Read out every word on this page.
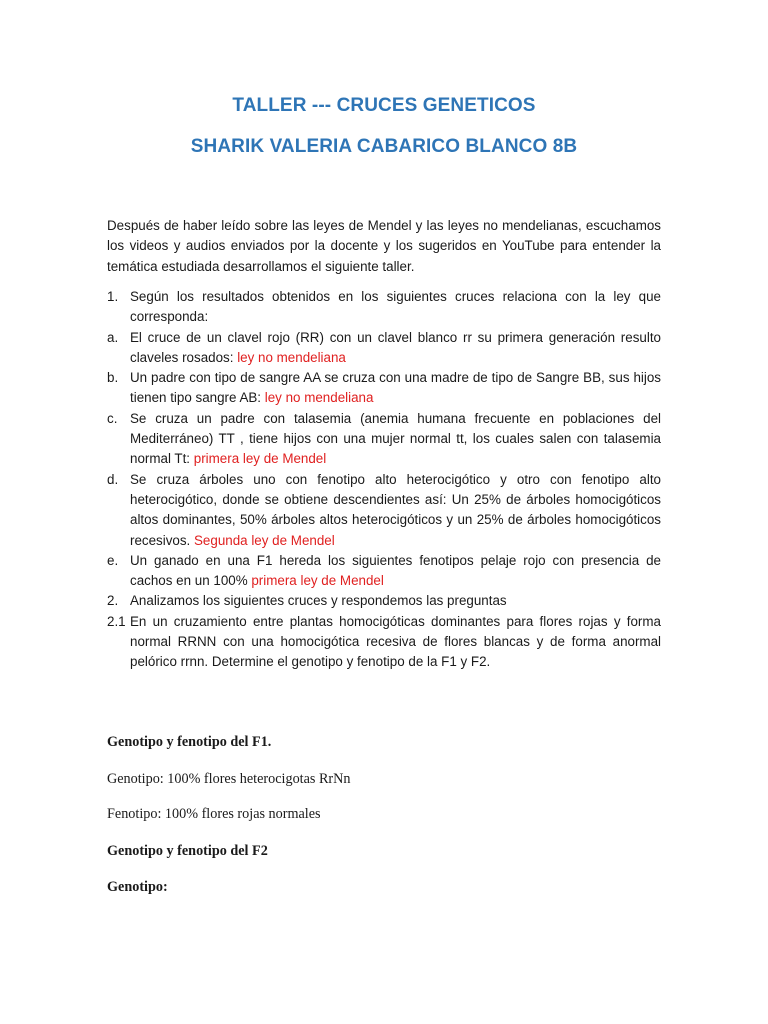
TALLER --- CRUCES GENETICOS
SHARIK VALERIA CABARICO BLANCO 8B
Después de haber leído sobre las leyes de Mendel y las leyes no mendelianas, escuchamos los videos y audios enviados por la docente y los sugeridos en YouTube para entender la temática estudiada desarrollamos el siguiente taller.
1. Según los resultados obtenidos en los siguientes cruces relaciona con la ley que corresponda:
a. El cruce de un clavel rojo (RR) con un clavel blanco rr su primera generación resulto claveles rosados: ley no mendeliana
b. Un padre con tipo de sangre AA se cruza con una madre de tipo de Sangre BB, sus hijos tienen tipo sangre AB: ley no mendeliana
c. Se cruza un padre con talasemia (anemia humana frecuente en poblaciones del Mediterráneo) TT , tiene hijos con una mujer normal tt, los cuales salen con talasemia normal Tt: primera ley de Mendel
d. Se cruza árboles uno con fenotipo alto heterocigótico y otro con fenotipo alto heterocigótico, donde se obtiene descendientes así: Un 25% de árboles homocigóticos altos dominantes, 50% árboles altos heterocigóticos y un 25% de árboles homocigóticos recesivos. Segunda ley de Mendel
e. Un ganado en una F1 hereda los siguientes fenotipos pelaje rojo con presencia de cachos en un 100% primera ley de Mendel
2. Analizamos los siguientes cruces y respondemos las preguntas
2.1 En un cruzamiento entre plantas homocigóticas dominantes para flores rojas y forma normal RRNN con una homocigótica recesiva de flores blancas y de forma anormal pelórico rrnn. Determine el genotipo y fenotipo de la F1 y F2.
Genotipo y fenotipo del F1.
Genotipo: 100% flores heterocigotas RrNn
Fenotipo: 100% flores rojas normales
Genotipo y fenotipo del F2
Genotipo:
